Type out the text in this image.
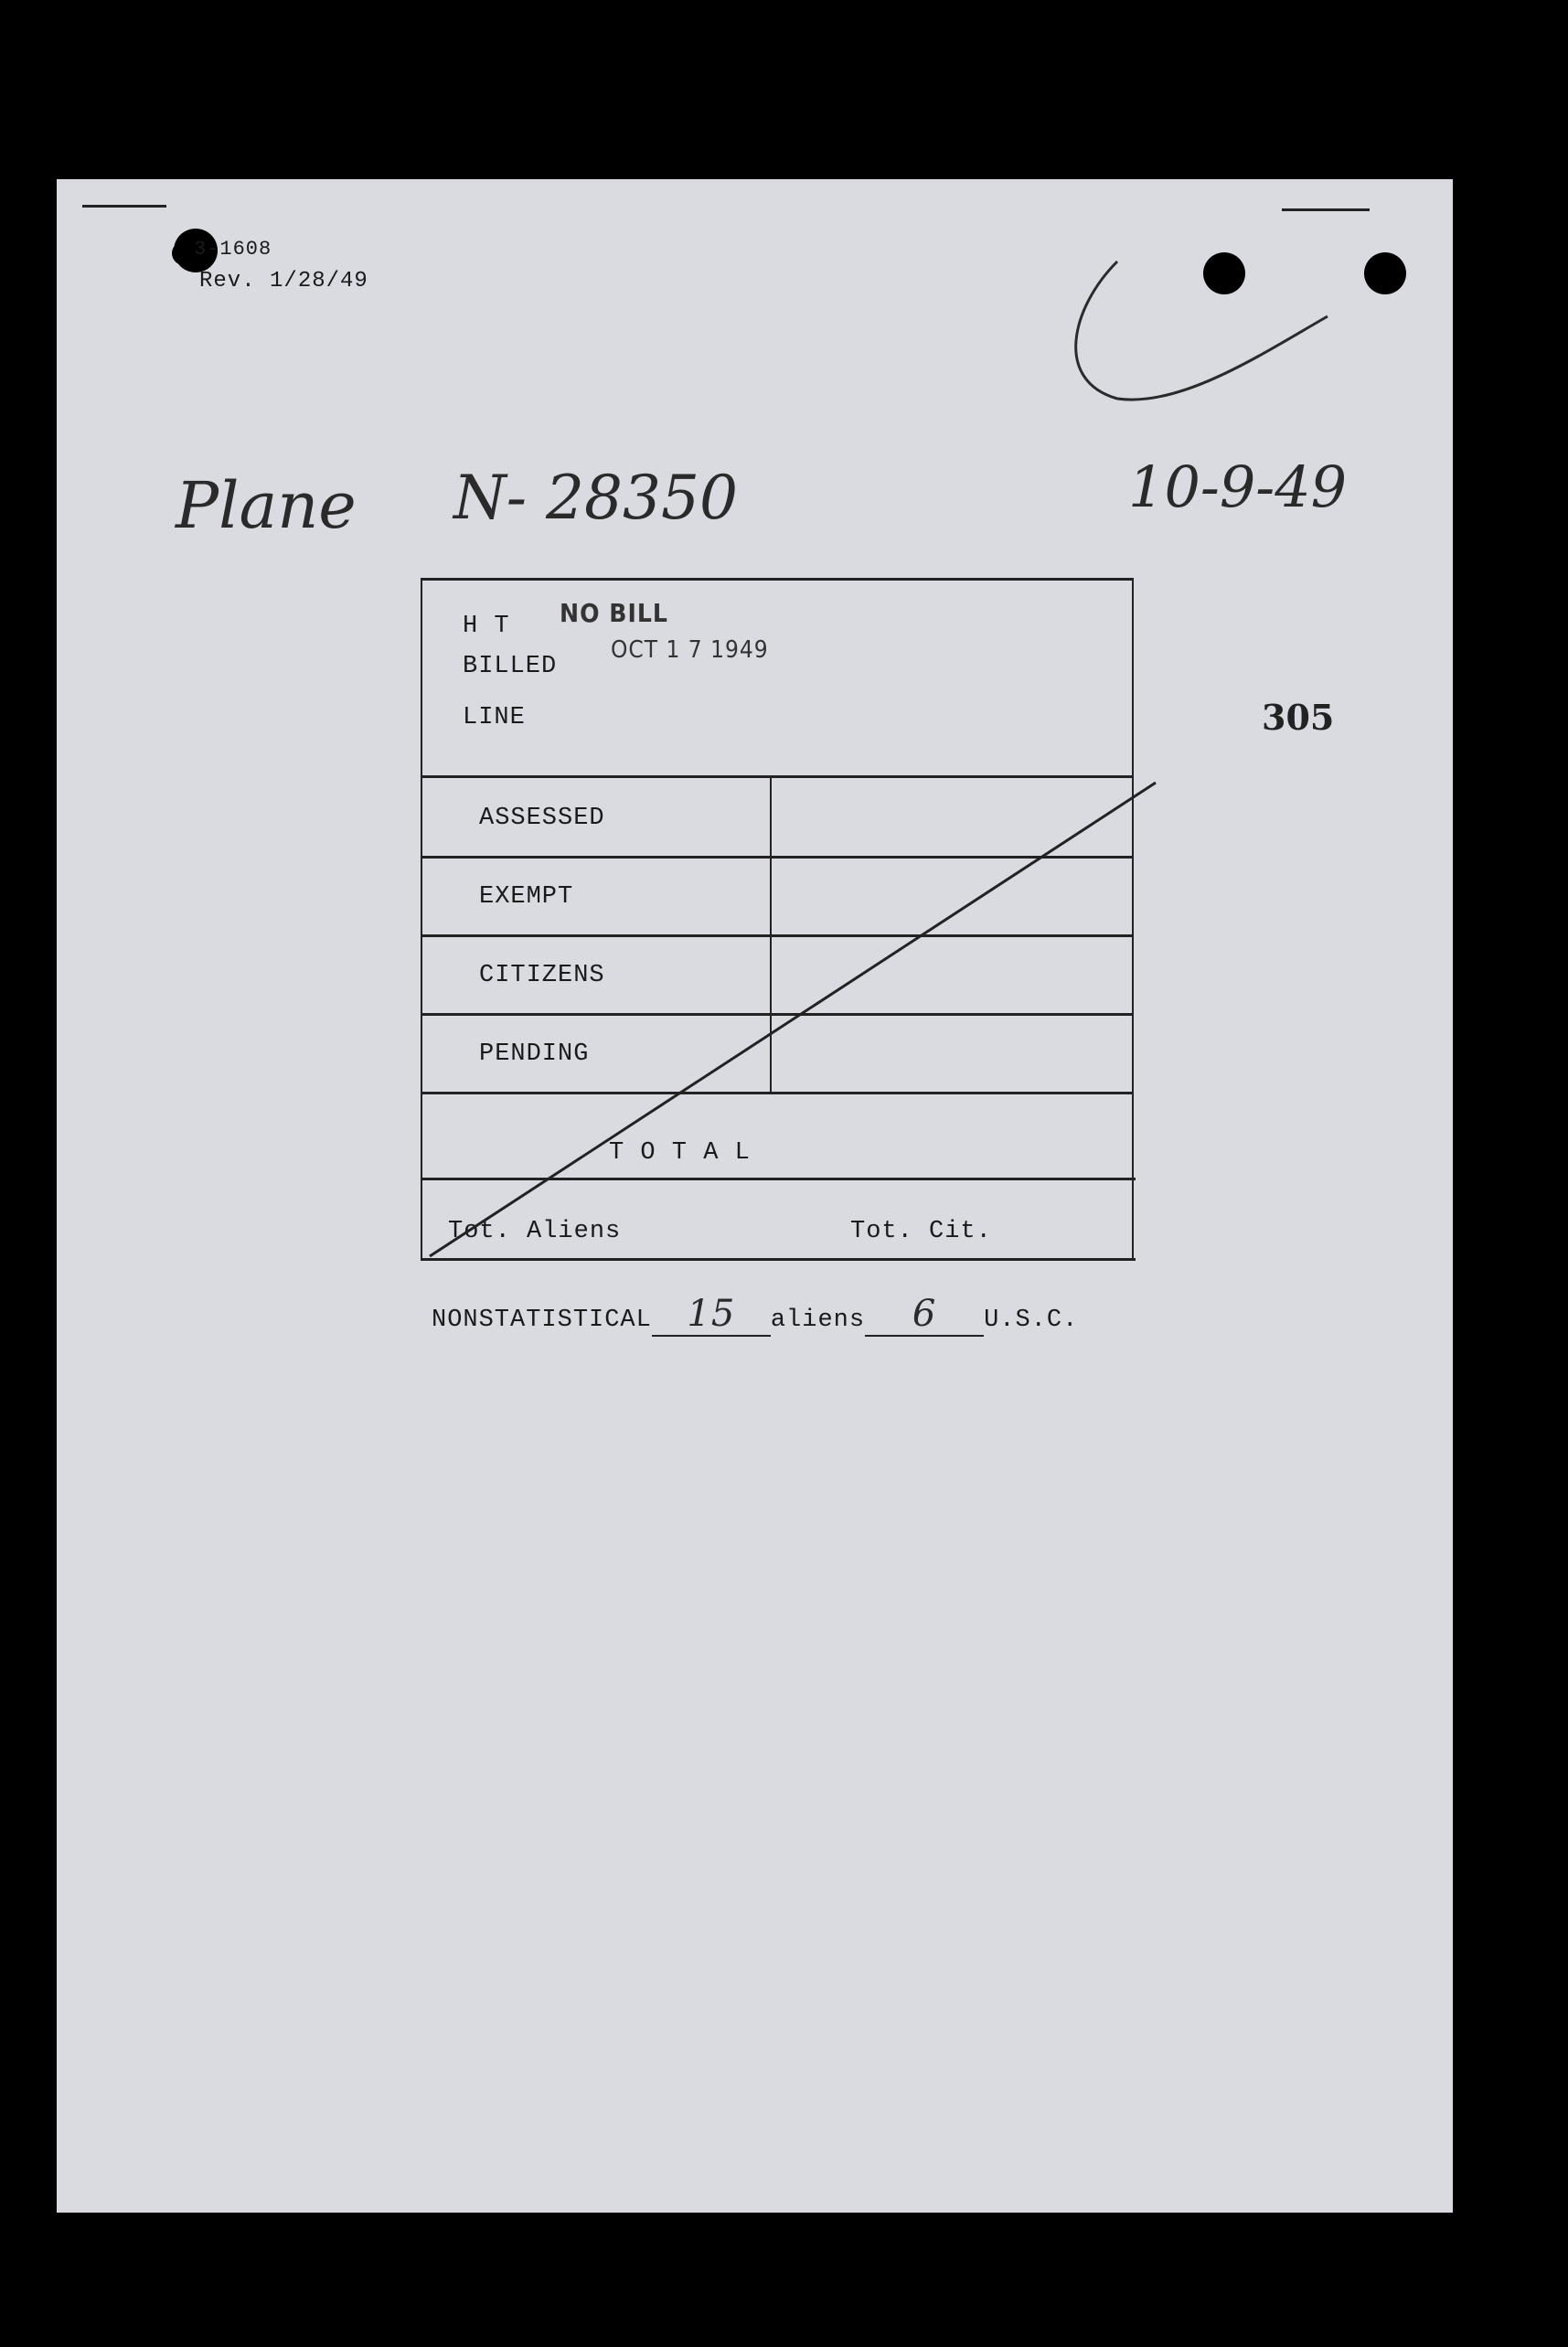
3-1608
Rev. 1/28/49
Plane N- 28350	10-9-49
305
H T
BILLED
LINE
NO BILL
OCT 1 7 1949
ASSESSED
EXEMPT
CITIZENS
PENDING
T O T A L
Tot. Aliens	Tot. Cit.
NONSTATISTICAL 15 aliens 6 U.S.C.
